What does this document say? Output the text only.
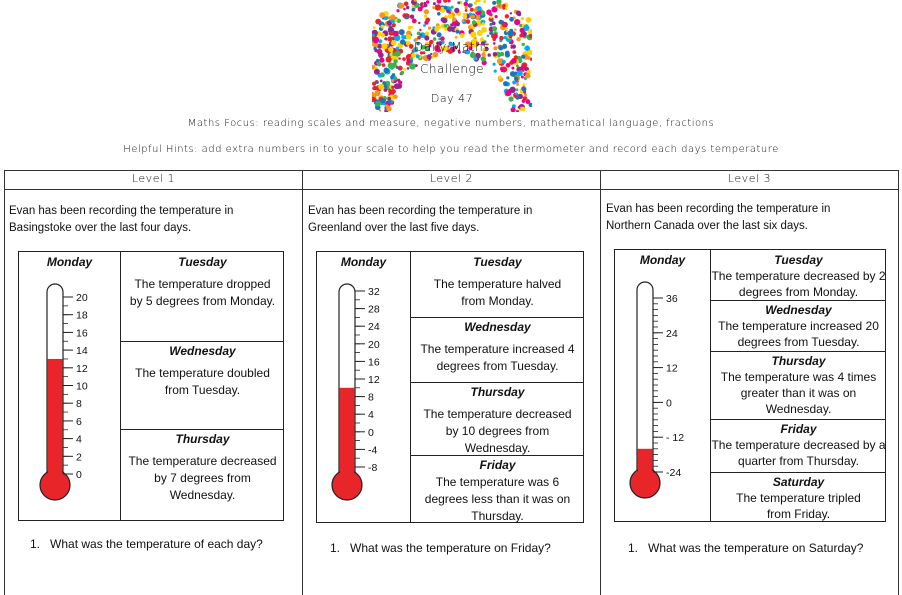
Daily Maths
Challenge
Day 47
Maths Focus: reading scales and measure, negative numbers, mathematical language, fractions
Helpful Hints: add extra numbers in to your scale to help you read the thermometer and record each days temperature
Level 1	Level 2	Level 3
Evan has been recording the temperature in
Basingstoke over the last four days.
Monday
20
18
16
14
12
10
8
6
4
2
0
Tuesday
The temperature dropped by 5 degrees from Monday.
Wednesday
The temperature doubled from Tuesday.
Thursday
The temperature decreased by 7 degrees from Wednesday.
1. What was the temperature of each day?
Evan has been recording the temperature in
Greenland over the last five days.
Monday
32
28
24
20
16
12
8
4
0
-4
-8
Tuesday
The temperature halved from Monday.
Wednesday
The temperature increased 4 degrees from Tuesday.
Thursday
The temperature decreased by 10 degrees from Wednesday.
Friday
The temperature was 6 degrees less than it was on Thursday.
1. What was the temperature on Friday?
Evan has been recording the temperature in
Northern Canada over the last six days.
Monday
36
24
12
0
- 12
-24
Tuesday
The temperature decreased by 2 degrees from Monday.
Wednesday
The temperature increased 20 degrees from Tuesday.
Thursday
The temperature was 4 times greater than it was on Wednesday.
Friday
The temperature decreased by a quarter from Thursday.
Saturday
The temperature tripled from Friday.
1. What was the temperature on Saturday?
